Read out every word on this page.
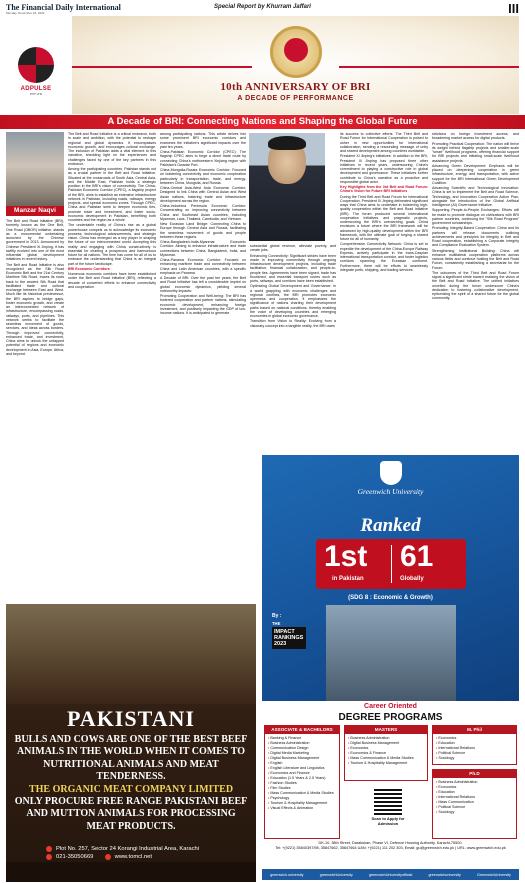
The Financial Daily International
Monday, November 18, 2023
Special Report by Khurram Jaffari	III
ADPULSE
PVT LTD
10th ANNIVERSARY OF BRI
A DECADE OF PERFORMANCE
A Decade of BRI: Connecting Nations and Shaping the Global Future
Manzar Naqvi

The Belt and Road Initiative (BRI), formerly known as the One Belt, One Road (OBOR) initiative, stands as a monumental undertaking launched by the Chinese government in 2013. Announced by Chinese President Xi Jinping, it has swiftly evolved into one of the most influential global development initiatives in recent history.

The Belt and Road Initiative is also recognized as the Silk Road Economic Belt and the 21st Century Maritime Silk Road, traces its roots back to the ancient Silk Road that facilitated trade and cultural exchange between East and West. Much like its historical predecessor, the BRI aspires to bridge gaps, foster economic growth, and create an interconnected network of infrastructure, encompassing roads, railways, ports, and pipelines. This network seeks to facilitate the seamless movement of goods, services, and ideas across borders. Through improved connectivity, enhanced trade, and investment, China aims to unlock the untapped potential of regions and economic development in Asia, Europe, Africa, and beyond.

The Belt and Road Initiative is a critical endeavor, both in scale and ambition, with the potential to reshape regional and global dynamics. It encompasses economic growth, and encourages cultural exchange. The inclusion of Pakistan adds a vital element to this narrative, shedding light on the experiences and challenges faced by one of the key partners in this endeavor.

Among the participating countries, Pakistan stands out as a crucial partner in the Belt and Road Initiative. Situated at the crossroads of South Asia, Central Asia, and the Middle East, Pakistan holds a strategic position in the BRI's vision of connectivity. The China-Pakistan Economic Corridor (CPEC), a flagship project of the BRI, aims to establish an extensive infrastructure network in Pakistan, including roads, railways, energy projects, and special economic zones. Through CPEC, China and Pakistan seek to deepen economic ties, promote trade and investment, and foster socio-economic development in Pakistan, benefiting both countries and the region as a whole.

The undeniable reality of China's rise as a global powerhouse compels us to acknowledge its economic prowess, technological advancements, and strategic vision. China has emerged as a key player in shaping the future of our interconnected world. Accepting this reality and engaging with China constructively is essential for charting a prosperous and harmonious future for all nations. The time has come for all of us to embrace the understanding that China is an integral part of the future landscape.

BRI Economic Corridors

Numerous economic corridors have been established under the Belt and Road Initiative (BRI), reflecting a decade of concerted efforts to enhance connectivity and cooperation

among participating nations. This article delves into some prominent BRI economic corridors and examines the initiative's significant impacts over the past ten years.

China-Pakistan Economic Corridor (CPEC): The flagship CPEC aims to forge a direct trade route by connecting China's northwestern Xinjiang region with Pakistan's Gwadar Port.

China-Mongolia-Russia Economic Corridor: Focused on bolstering connectivity and economic cooperation particularly in transportation, trade, and energy, between China, Mongolia, and Russia.

China-Central Asia-West Asia Economic Corridor: Designed to link China with Central Asian and West Asian nations, fostering trade and infrastructure development across the region.

China-Indochina Peninsula Economic Corridor: Concentrating on improving connectivity between China and Southeast Asian countries, including Myanmar, Laos, Thailand, Cambodia, and Vietnam.

New Eurasian Land Bridge: Connecting China to Europe through Central Asia and Russia, facilitating the seamless movement of goods and people between these regions.

China-Bangladesh-India-Myanmar Economic Corridor: Aiming to enhance infrastructure and trade connections between China, Bangladesh, India, and Myanmar.

China-Panama Economic Corridor: Focused on enhancing maritime trade and connectivity between China and Latin American countries, with a specific emphasis on Panama.

A Decade of BRI: Over the past ten years, the Belt and Road Initiative has left a considerable imprint on global economic dynamics, yielding several noteworthy impacts:

Promoting Cooperation and Well-being: The BRI has fostered cooperation and partner nations, stimulating economic development, enhancing foreign investment, and positively impacting the GDP of low-income nations. It is anticipated to generate

substantial global revenue, alleviate poverty, and create jobs.

Enhancing Connectivity: Significant strides have been made in improving connectivity through ongoing infrastructure development projects, including trade facilitation, financial collaboration, and people-to-people ties. Agreements have been signed, trade has flourished, and essential transport routes such as ports, railways, and corridors have been established.

Optimizing Global Development and Governance: In a world grappling with economic challenges and regional conflicts, the BRI promotes economic openness and cooperation. It emphasizes the significance of nations charting their development paths based on national conditions, thereby enabling the voice of developing countries and emerging economies in global economic governance.

Transition from Vision to Reality: Evolving from a visionary concept into a tangible reality, the BRI owes

its success to collective efforts. The Third Belt and Road Forum for International Cooperation is poised to usher in new opportunities for international collaboration, sending a resounding message of unity and shared development among countries worldwide.

President Xi Jinping's initiatives: In addition to the BRI, President Xi Jinping has proposed three other initiatives in recent years, underscoring China's commitment to playing a constructive role in global development and governance. These initiatives further contribute to China's narrative as a proactive and responsible global actor.

Key Highlights from the 3rd Belt and Road Forum: China's Vision for Future BRI Initiatives

During the Third Belt and Road Forum for International Cooperation, President Xi Jinping delineated significant ways that China aims to undertake in bolstering high-quality cooperation within the Belt and Road Initiative (BRI). The forum produced several international cooperation initiatives and pragmatic projects, underscoring the BRI's overarching goals. China envisions a future where the BRI framework will be advanced by high-quality development within the BRI framework, with the ultimate goal of forging a shared future for all of humanity.

Comprehensive Connectivity Network: China is set to expedite the development of the China-Europe Railway Express, actively participate in the trans-Caspian international transportation corridor, and foster logistics corridors spanning the Eurasian continent. Furthermore, there will be efforts to seamlessly integrate ports, shipping, and trading services.

strictions on foreign investment access, and broadening market access for digital products.

Promoting Practical Cooperation: The nation will thrive its weight behind flagship projects and smaller-scale "smart" livelihood programs, offering financial support for BRI projects and initiating small-scale livelihood assistance projects.

Advancing Green Development: Emphasis will be placed on deepening cooperation in green infrastructure, energy, and transportation, with active support for the BRI International Green Development Coalition.

Advancing Scientific and Technological Innovation: China is set to implement the Belt and Road Science, Technology, and Innovation Cooperation Action Plan, alongside the introduction of the Global Artificial Intelligence (AI) Governance Initiative.

Supporting People-to-People Exchanges: Efforts will be made to promote dialogue on civilizations with BRI partner countries, continuing the "Silk Road Program" government scholarships.

Promoting Integrity-Based Cooperation: China and its partners will release documents outlining achievements and principles for integrity in Belt and Road cooperation, establishing a Corporate Integrity and Compliance Evaluation System.

Strengthening Institutional Building: China will enhance multilateral cooperation platforms across various fields and continue hosting the Belt and Road Forum, consistently establishing a secretariat for the Forum.

The outcomes of the Third Belt and Road Forum signal a significant stride toward realizing the vision of the Belt and Road Initiative. The unified initiatives unveiled during the forum underscore China's dedication to fostering collaborative development, epitomizing the spirit of a shared future for the global community.

PAKISTANI
BULLS AND COWS ARE ONE OF THE BEST BEEF ANIMALS IN THE WORLD WHEN IT COMES TO NUTRITIONAL ANIMALS AND MEAT TENDERNESS.
THE ORGANIC MEAT COMPANY LIMITED
ONLY PROCURE FREE RANGE PAKISTANI BEEF AND MUTTON ANIMALS FOR PROCESSING MEAT PRODUCTS.
Plot No. 257, Sector 24 Korangi Industrial Area, Karachi
021-35050669
	www.tomcl.net
Greenwich University
Ranked
1st
in Pakistan
61
Globally
(SDG 8 : Economic & Growth)
By :
THE
IMPACT RANKINGS 2023
Career Oriented
DEGREE PROGRAMS
ASSOCIATE & BACHELORS
• Banking & Finance
• Business Administration
• Communication Design
• Digital Media Marketing
• Digital Business Management
• English
• English Literature and Linguistics
• Economics and Finance
• Education (1.5 Years & 2.5 Years)
• Fashion Studies
• Film Studies
• Mass Communication & Media Studies
• Psychology
• Tourism & Hospitality Management
• Visual Effects & Animation
MASTERS
• Business Administration
• Digital Business Management
• Economics
• Economics & Finance
• Mass Communication & Media Studies
• Tourism & Hospitality Management
M. Phil
• Economics
• Education
• International Relations
• Political Science
• Sociology
Ph.D
• Business Administration
• Economics
• Education
• International Relations
• Mass Communication
• Political Science
• Sociology
Scan to Apply for Admission
DK-10, 38th Street, Darakshan, Phase VI, Defence Housing Authority, Karachi-75500.
Tel: +(9221) 35840397/98, 35847662, 35847664 UAN: +(9221) 111 202 303, Email: gu@greenwich.edu.pk | URL: www.greenwich.edu.pk
greenwich.university	greenwichUniversity	greenwichUniversityofficial	greenwichuniversity	GreenwichUniversity
